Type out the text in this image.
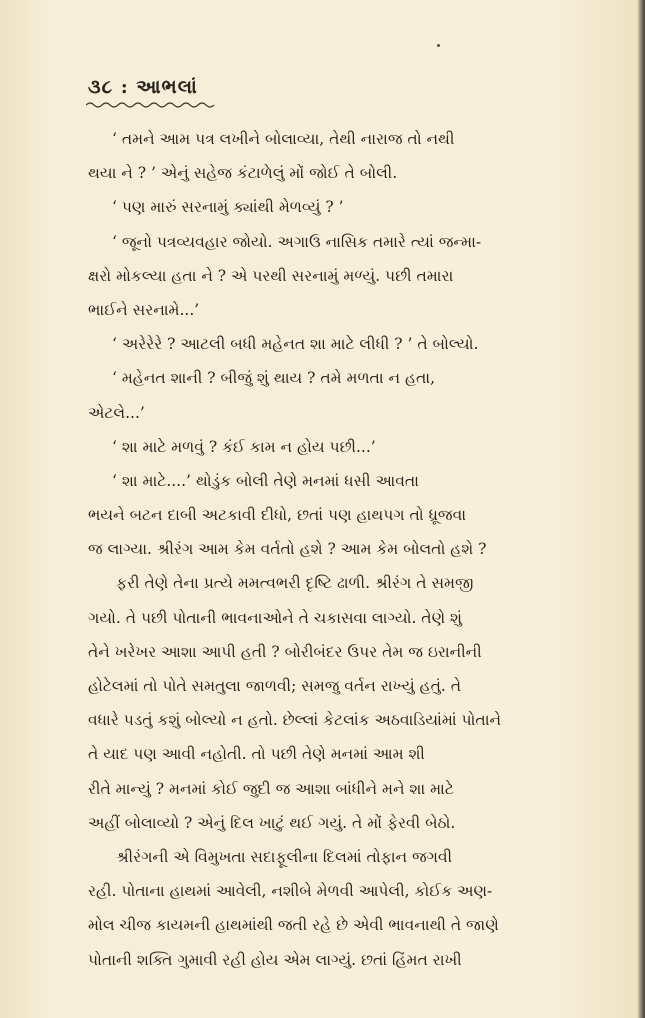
૩૮ : આભલાં
‘ તમને આમ પત્ર લખીને બોલાવ્યા, તેથી નારાજ તો નથી
થયા ને ? ’ એનું સહેજ કંટાળેલું મોં જોઈ તે બોલી.
‘ પણ મારું સરનામું ક્યાંથી મેળવ્યું ? ’
‘ જૂનો પત્રવ્યવહાર જોયો. અગાઉ નાસિક તમારે ત્યાં જન્મા-
ક્ષરો મોકલ્યા હતા ને ? એ પરથી સરનામું મળ્યું. પછી તમારા
ભાઈને સરનામે...’
‘ અરેરેરે ? આટલી બધી મહેનત શા માટે લીધી ? ’ તે બોલ્યો.
‘ મહેનત શાની ? બીજું શું થાય ? તમે મળતા ન હતા,
એટલે...’
‘ શા માટે મળવું ? કંઈ કામ ન હોય પછી...’
‘ શા માટે....’ થોડુંક બોલી તેણે મનમાં ધસી આવતા
ભયને બટન દાબી અટકાવી દીધો, છતાં પણ હાથપગ તો ધ્રૂજવા
જ લાગ્યા. શ્રીરંગ આમ કેમ વર્તતો હશે ? આમ કેમ બોલતો હશે ?
ફરી તેણે તેના પ્રત્યે મમત્વભરી દૃષ્ટિ ઢાળી. શ્રીરંગ તે સમજી
ગયો. તે પછી પોતાની ભાવનાઓને તે ચકાસવા લાગ્યો. તેણે શું
તેને ખરેખર આશા આપી હતી ? બોરીબંદર ઉપર તેમ જ ઇરાનીની
હોટેલમાં તો પોતે સમતુલા જાળવી; સમજુ વર્તન રાખ્યું હતું. તે
વધારે પડતું કશું બોલ્યો ન હતો. છેલ્લાં કેટલાંક અઠવાડિયાંમાં પોતાને
તે યાદ પણ આવી નહોતી. તો પછી તેણે મનમાં આમ શી
રીતે માન્યું ? મનમાં કોઈ જુદી જ આશા બાંધીને મને શા માટે
અહીં બોલાવ્યો ? એનું દિલ ખાટું થઈ ગયું. તે મોં ફેરવી બેઠો.
શ્રીરંગની એ વિમુખતા સદાફૂલીના દિલમાં તોફાન જગવી
રહી. પોતાના હાથમાં આવેલી, નશીબે મેળવી આપેલી, કોઈક અણ-
મોલ ચીજ કાયમની હાથમાંથી જતી રહે છે એવી ભાવનાથી તે જાણે
પોતાની શક્તિ ગુમાવી રહી હોય એમ લાગ્યું. છતાં હિંમત રાખી
